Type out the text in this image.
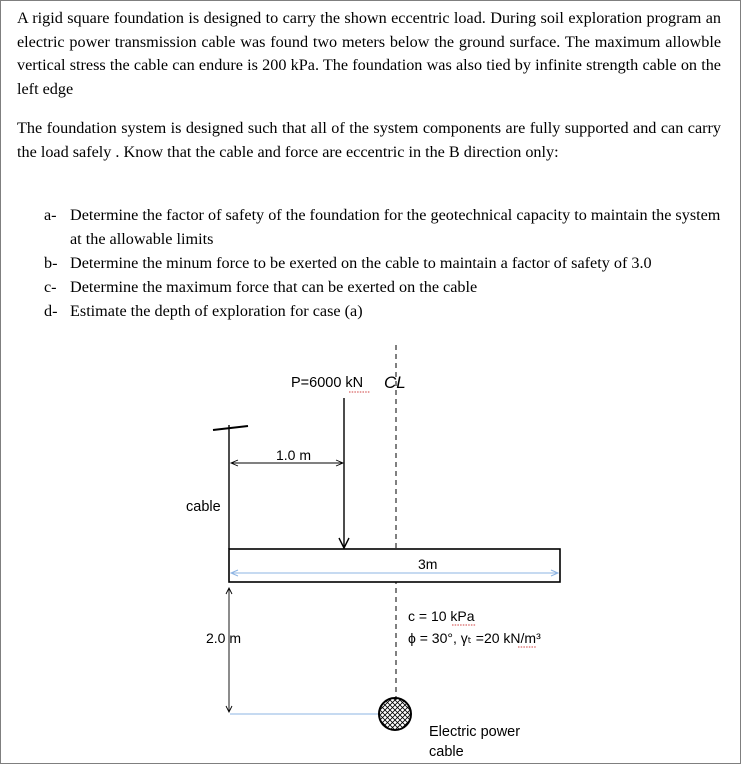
A rigid square foundation is designed to carry the shown eccentric load. During soil exploration program an electric power transmission cable was found two meters below the ground surface. The maximum allowble vertical stress the cable can endure is 200 kPa. The foundation was also tied by infinite strength cable on the left edge
The foundation system is designed such that all of the system components are fully supported and can carry the load safely . Know that the cable and force are eccentric in the B direction only:
a- Determine the factor of safety of the foundation for the geotechnical capacity to maintain the system at the allowable limits
b- Determine the minum force to be exerted on the cable to maintain a factor of safety of 3.0
c- Determine the maximum force that can be exerted on the cable
d- Estimate the depth of exploration for case (a)
P=6000 kN CL
1.0 m
cable
3m
2.0 m
c = 10 kPa
ϕ = 30°, γₜ =20 kN/m³
Electric power
cable
